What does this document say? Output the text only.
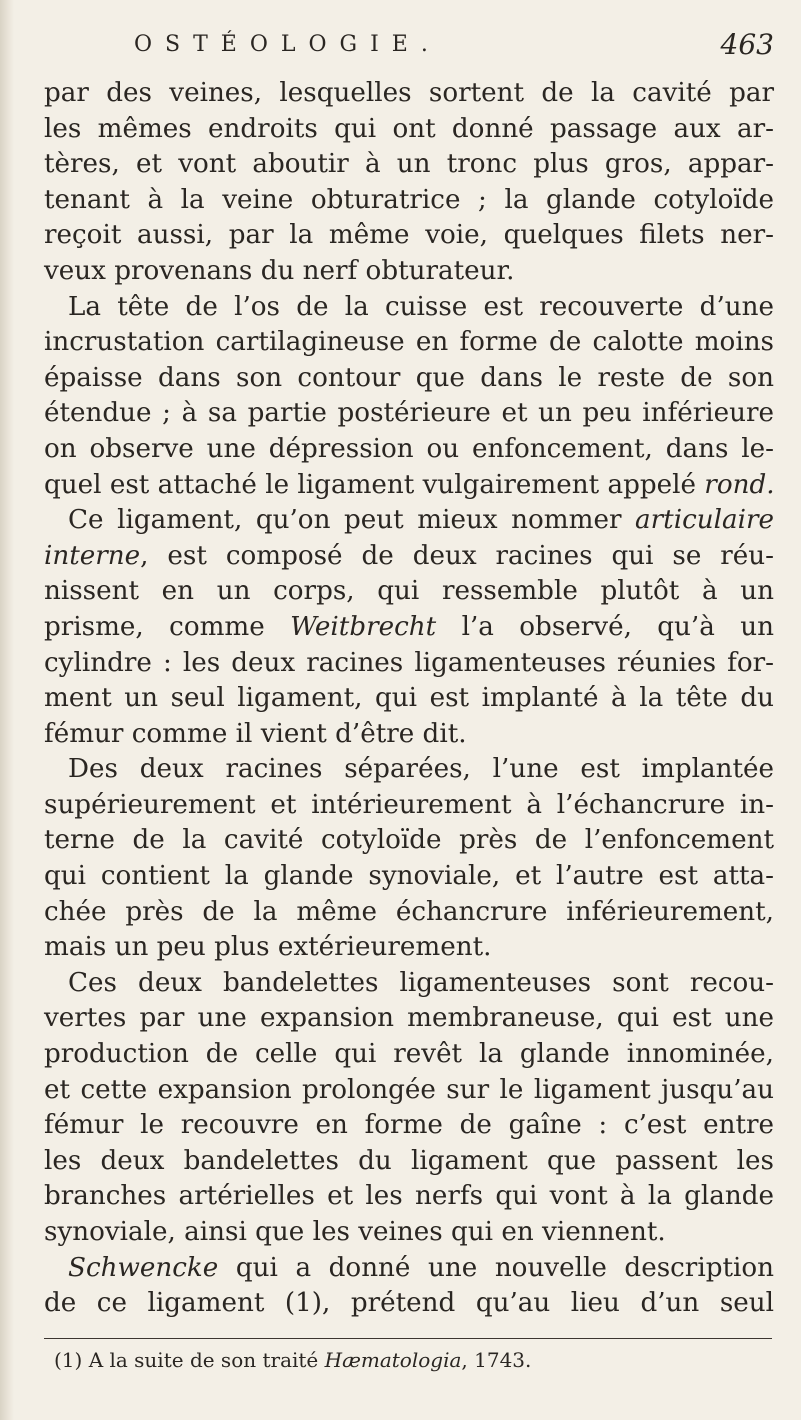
OSTÉOLOGIE.	463
par des veines, lesquelles sortent de la cavité par
les mêmes endroits qui ont donné passage aux ar-
tères, et vont aboutir à un tronc plus gros, appar-
tenant à la veine obturatrice ; la glande cotyloïde
reçoit aussi, par la même voie, quelques filets ner-
veux provenans du nerf obturateur.
La tête de l’os de la cuisse est recouverte d’une
incrustation cartilagineuse en forme de calotte moins
épaisse dans son contour que dans le reste de son
étendue ; à sa partie postérieure et un peu inférieure
on observe une dépression ou enfoncement, dans le-
quel est attaché le ligament vulgairement appelé rond.
Ce ligament, qu’on peut mieux nommer articulaire
interne, est composé de deux racines qui se réu-
nissent en un corps, qui ressemble plutôt à un
prisme, comme Weitbrecht l’a observé, qu’à un
cylindre : les deux racines ligamenteuses réunies for-
ment un seul ligament, qui est implanté à la tête du
fémur comme il vient d’être dit.
Des deux racines séparées, l’une est implantée
supérieurement et intérieurement à l’échancrure in-
terne de la cavité cotyloïde près de l’enfoncement
qui contient la glande synoviale, et l’autre est atta-
chée près de la même échancrure inférieurement,
mais un peu plus extérieurement.
Ces deux bandelettes ligamenteuses sont recou-
vertes par une expansion membraneuse, qui est une
production de celle qui revêt la glande innominée,
et cette expansion prolongée sur le ligament jusqu’au
fémur le recouvre en forme de gaîne : c’est entre
les deux bandelettes du ligament que passent les
branches artérielles et les nerfs qui vont à la glande
synoviale, ainsi que les veines qui en viennent.
Schwencke qui a donné une nouvelle description
de ce ligament (1), prétend qu’au lieu d’un seul
(1) A la suite de son traité Hæmatologia, 1743.
